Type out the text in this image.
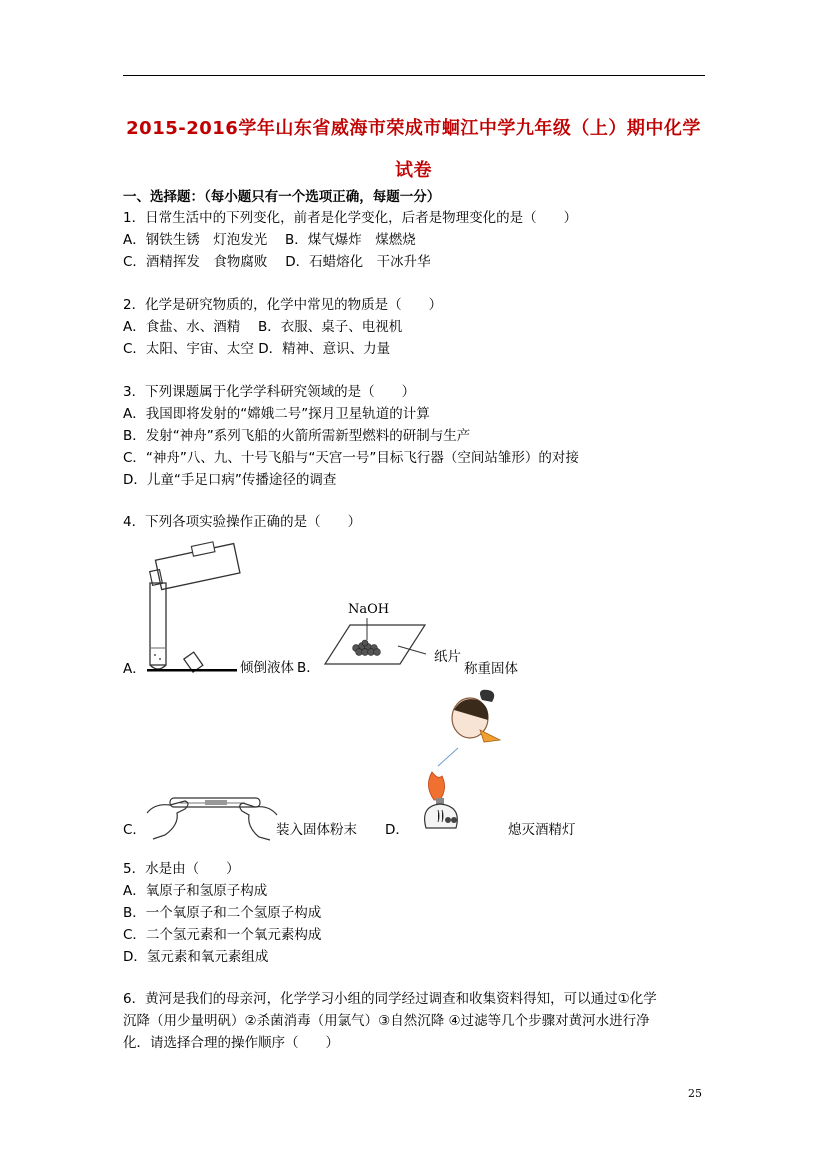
2015-2016学年山东省威海市荣成市蛔江中学九年级（上）期中化学
试卷
一、选择题：（每小题只有一个选项正确，每题一分）
1．日常生活中的下列变化，前者是化学变化，后者是物理变化的是（　　）
A．钢铁生锈　灯泡发光　 B．煤气爆炸　煤燃烧
C．酒精挥发　食物腐败　 D．石蜡熔化　干冰升华
2．化学是研究物质的，化学中常见的物质是（　　）
A．食盐、水、酒精　 B．衣服、桌子、电视机
C．太阳、宇宙、太空 D．精神、意识、力量
3．下列课题属于化学学科研究领域的是（　　）
A．我国即将发射的“嫦娥二号”探月卫星轨道的计算
B．发射“神舟”系列飞船的火箭所需新型燃料的研制与生产
C．“神舟”八、九、十号飞船与“天宫一号”目标飞行器（空间站雏形）的对接
D．儿童“手足口病”传播途径的调查
4．下列各项实验操作正确的是（　　）
A．	倾倒液体 B．
NaOH
纸片
称重固体
C．	装入固体粉末 D．	熄灭酒精灯
5．水是由（　　）
A．氧原子和氢原子构成
B．一个氧原子和二个氢原子构成
C．二个氢元素和一个氧元素构成
D．氢元素和氧元素组成
6．黄河是我们的母亲河，化学学习小组的同学经过调查和收集资料得知，可以通过①化学
沉降（用少量明矾）②杀菌消毒（用氯气）③自然沉降 ④过滤等几个步骤对黄河水进行净
化．请选择合理的操作顺序（　　）
25
